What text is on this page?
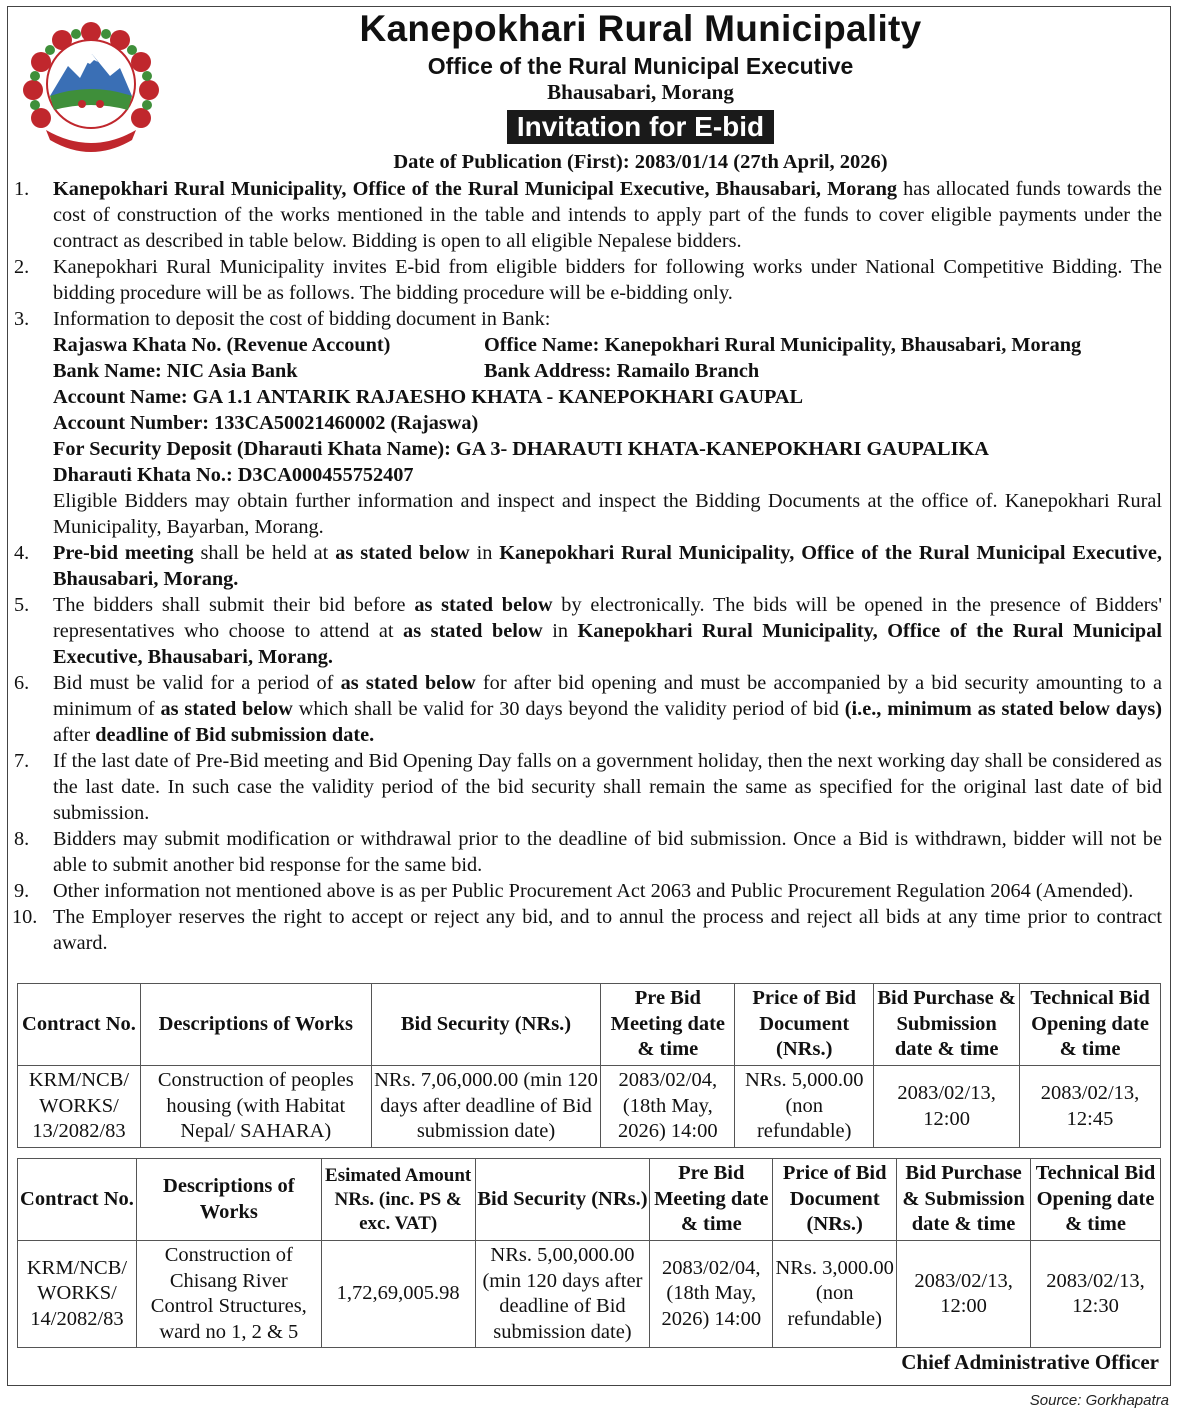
Kanepokhari Rural Municipality
Office of the Rural Municipal Executive
Bhausabari, Morang
Invitation for E-bid
Date of Publication (First): 2083/01/14 (27th April, 2026)
1. Kanepokhari Rural Municipality, Office of the Rural Municipal Executive, Bhausabari, Morang has allocated funds towards the cost of construction of the works mentioned in the table and intends to apply part of the funds to cover eligible payments under the contract as described in table below. Bidding is open to all eligible Nepalese bidders.
2. Kanepokhari Rural Municipality invites E-bid from eligible bidders for following works under National Competitive Bidding. The bidding procedure will be as follows. The bidding procedure will be e-bidding only.
3. Information to deposit the cost of bidding document in Bank:
Rajaswa Khata No. (Revenue Account)	Office Name: Kanepokhari Rural Municipality, Bhausabari, Morang
Bank Name: NIC Asia Bank	Bank Address: Ramailo Branch
Account Name: GA 1.1 ANTARIK RAJAESHO KHATA - KANEPOKHARI GAUPAL
Account Number: 133CA50021460002 (Rajaswa)
For Security Deposit (Dharauti Khata Name): GA 3- DHARAUTI KHATA-KANEPOKHARI GAUPALIKA
Dharauti Khata No.: D3CA000455752407
Eligible Bidders may obtain further information and inspect and inspect the Bidding Documents at the office of. Kanepokhari Rural Municipality, Bayarban, Morang.
4. Pre-bid meeting shall be held at as stated below in Kanepokhari Rural Municipality, Office of the Rural Municipal Executive, Bhausabari, Morang.
5. The bidders shall submit their bid before as stated below by electronically. The bids will be opened in the presence of Bidders' representatives who choose to attend at as stated below in Kanepokhari Rural Municipality, Office of the Rural Municipal Executive, Bhausabari, Morang.
6. Bid must be valid for a period of as stated below for after bid opening and must be accompanied by a bid security amounting to a minimum of as stated below which shall be valid for 30 days beyond the validity period of bid (i.e., minimum as stated below days) after deadline of Bid submission date.
7. If the last date of Pre-Bid meeting and Bid Opening Day falls on a government holiday, then the next working day shall be considered as the last date. In such case the validity period of the bid security shall remain the same as specified for the original last date of bid submission.
8. Bidders may submit modification or withdrawal prior to the deadline of bid submission. Once a Bid is withdrawn, bidder will not be able to submit another bid response for the same bid.
9. Other information not mentioned above is as per Public Procurement Act 2063 and Public Procurement Regulation 2064 (Amended).
10. The Employer reserves the right to accept or reject any bid, and to annul the process and reject all bids at any time prior to contract award.
Contract No.	Descriptions of Works	Bid Security (NRs.)	Pre Bid Meeting date & time	Price of Bid Document (NRs.)	Bid Purchase & Submission date & time	Technical Bid Opening date & time
KRM/NCB/ WORKS/ 13/2082/83	Construction of peoples housing (with Habitat Nepal/ SAHARA)	NRs. 7,06,000.00 (min 120 days after deadline of Bid submission date)	2083/02/04, (18th May, 2026) 14:00	NRs. 5,000.00 (non refundable)	2083/02/13, 12:00	2083/02/13, 12:45
Contract No.	Descriptions of Works	Esimated Amount NRs. (inc. PS & exc. VAT)	Bid Security (NRs.)	Pre Bid Meeting date & time	Price of Bid Document (NRs.)	Bid Purchase & Submission date & time	Technical Bid Opening date & time
KRM/NCB/ WORKS/ 14/2082/83	Construction of Chisang River Control Structures, ward no 1, 2 & 5	1,72,69,005.98	NRs. 5,00,000.00 (min 120 days after deadline of Bid submission date)	2083/02/04, (18th May, 2026) 14:00	NRs. 3,000.00 (non refundable)	2083/02/13, 12:00	2083/02/13, 12:30
Chief Administrative Officer
Source: Gorkhapatra
